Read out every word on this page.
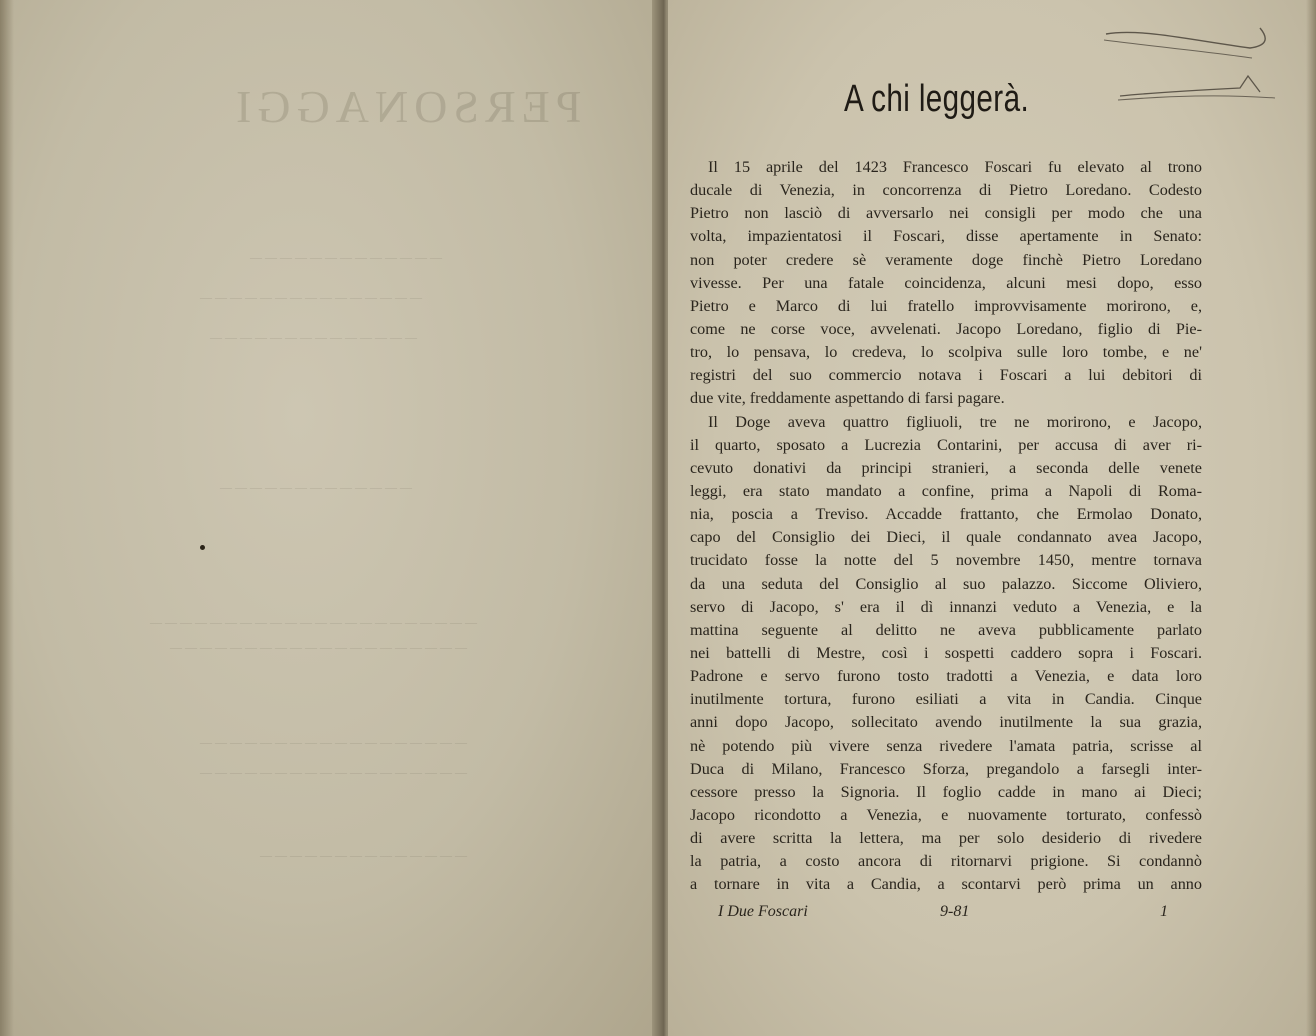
PERSONAGGI
— — — — — — — — — — — — —
— — — — — — — — — — — — — — —
— — — — — — — — — — — — — —
— — — — — — — — — — — — —
— — — — — — — — — — — — — — — — — — — — — —
— — — — — — — — — — — — — — — — — — — —
— — — — — — — — — — — — — — — — — —
— — — — — — — — — — — — — — — — — —
— — — — — — — — — — — — — —
A chi leggerà.
Il 15 aprile del 1423 Francesco Foscari fu elevato al trono
ducale di Venezia, in concorrenza di Pietro Loredano. Codesto
Pietro non lasciò di avversarlo nei consigli per modo che una
volta, impazientatosi il Foscari, disse apertamente in Senato:
non poter credere sè veramente doge finchè Pietro Loredano
vivesse. Per una fatale coincidenza, alcuni mesi dopo, esso
Pietro e Marco di lui fratello improvvisamente morirono, e,
come ne corse voce, avvelenati. Jacopo Loredano, figlio di Pie-
tro, lo pensava, lo credeva, lo scolpiva sulle loro tombe, e ne'
registri del suo commercio notava i Foscari a lui debitori di
due vite, freddamente aspettando di farsi pagare.
Il Doge aveva quattro figliuoli, tre ne morirono, e Jacopo,
il quarto, sposato a Lucrezia Contarini, per accusa di aver ri-
cevuto donativi da principi stranieri, a seconda delle venete
leggi, era stato mandato a confine, prima a Napoli di Roma-
nia, poscia a Treviso. Accadde frattanto, che Ermolao Donato,
capo del Consiglio dei Dieci, il quale condannato avea Jacopo,
trucidato fosse la notte del 5 novembre 1450, mentre tornava
da una seduta del Consiglio al suo palazzo. Siccome Oliviero,
servo di Jacopo, s' era il dì innanzi veduto a Venezia, e la
mattina seguente al delitto ne aveva pubblicamente parlato
nei battelli di Mestre, così i sospetti caddero sopra i Foscari.
Padrone e servo furono tosto tradotti a Venezia, e data loro
inutilmente tortura, furono esiliati a vita in Candia. Cinque
anni dopo Jacopo, sollecitato avendo inutilmente la sua grazia,
nè potendo più vivere senza rivedere l'amata patria, scrisse al
Duca di Milano, Francesco Sforza, pregandolo a farsegli inter-
cessore presso la Signoria. Il foglio cadde in mano ai Dieci;
Jacopo ricondotto a Venezia, e nuovamente torturato, confessò
di avere scritta la lettera, ma per solo desiderio di rivedere
la patria, a costo ancora di ritornarvi prigione. Si condannò
a tornare in vita a Candia, a scontarvi però prima un anno
I Due Foscari	9-81	1
